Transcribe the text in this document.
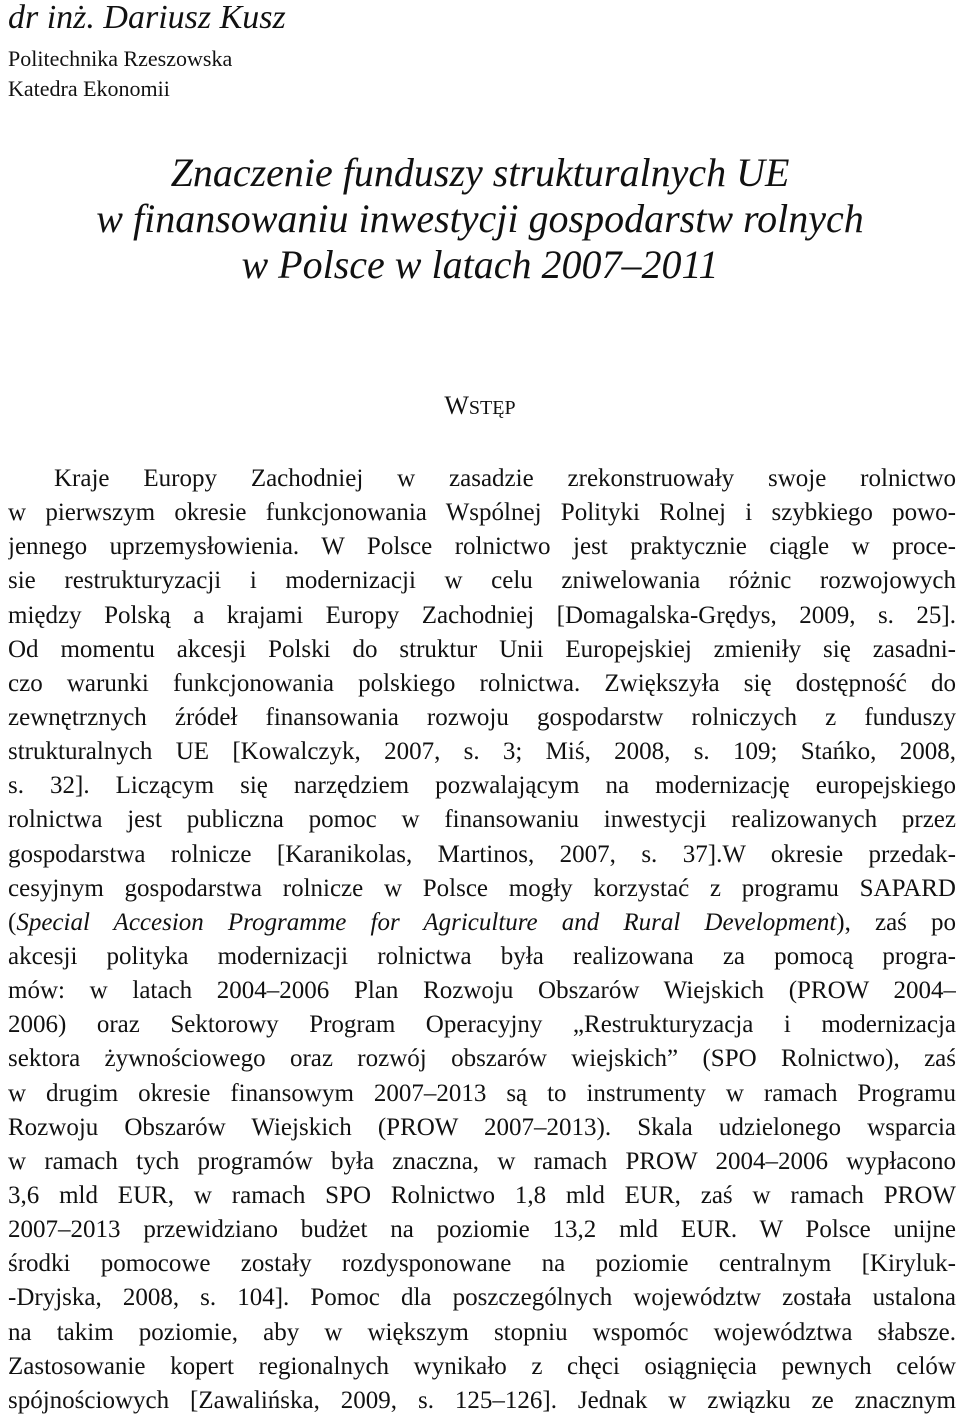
dr inż. Dariusz Kusz
Politechnika Rzeszowska
Katedra Ekonomii
Znaczenie funduszy strukturalnych UE
w finansowaniu inwestycji gospodarstw rolnych
w Polsce w latach 2007–2011
WSTĘP
Kraje Europy Zachodniej w zasadzie zrekonstruowały swoje rolnictwo
w pierwszym okresie funkcjonowania Wspólnej Polityki Rolnej i szybkiego powo-
jennego uprzemysłowienia. W Polsce rolnictwo jest praktycznie ciągle w proce-
sie restrukturyzacji i modernizacji w celu zniwelowania różnic rozwojowych
między Polską a krajami Europy Zachodniej [Domagalska-Grędys, 2009, s. 25].
Od momentu akcesji Polski do struktur Unii Europejskiej zmieniły się zasadni-
czo warunki funkcjonowania polskiego rolnictwa. Zwiększyła się dostępność do
zewnętrznych źródeł finansowania rozwoju gospodarstw rolniczych z funduszy
strukturalnych UE [Kowalczyk, 2007, s. 3; Miś, 2008, s. 109; Stańko, 2008,
s. 32]. Liczącym się narzędziem pozwalającym na modernizację europejskiego
rolnictwa jest publiczna pomoc w finansowaniu inwestycji realizowanych przez
gospodarstwa rolnicze [Karanikolas, Martinos, 2007, s. 37].W okresie przedak-
cesyjnym gospodarstwa rolnicze w Polsce mogły korzystać z programu SAPARD
(Special Accesion Programme for Agriculture and Rural Development), zaś po
akcesji polityka modernizacji rolnictwa była realizowana za pomocą progra-
mów: w latach 2004–2006 Plan Rozwoju Obszarów Wiejskich (PROW 2004–
2006) oraz Sektorowy Program Operacyjny „Restrukturyzacja i modernizacja
sektora żywnościowego oraz rozwój obszarów wiejskich” (SPO Rolnictwo), zaś
w drugim okresie finansowym 2007–2013 są to instrumenty w ramach Programu
Rozwoju Obszarów Wiejskich (PROW 2007–2013). Skala udzielonego wsparcia
w ramach tych programów była znaczna, w ramach PROW 2004–2006 wypłacono
3,6 mld EUR, w ramach SPO Rolnictwo 1,8 mld EUR, zaś w ramach PROW
2007–2013 przewidziano budżet na poziomie 13,2 mld EUR. W Polsce unijne
środki pomocowe zostały rozdysponowane na poziomie centralnym [Kiryluk-
-Dryjska, 2008, s. 104]. Pomoc dla poszczególnych województw została ustalona
na takim poziomie, aby w większym stopniu wspomóc województwa słabsze.
Zastosowanie kopert regionalnych wynikało z chęci osiągnięcia pewnych celów
spójnościowych [Zawalińska, 2009, s. 125–126]. Jednak w związku ze znacznym
